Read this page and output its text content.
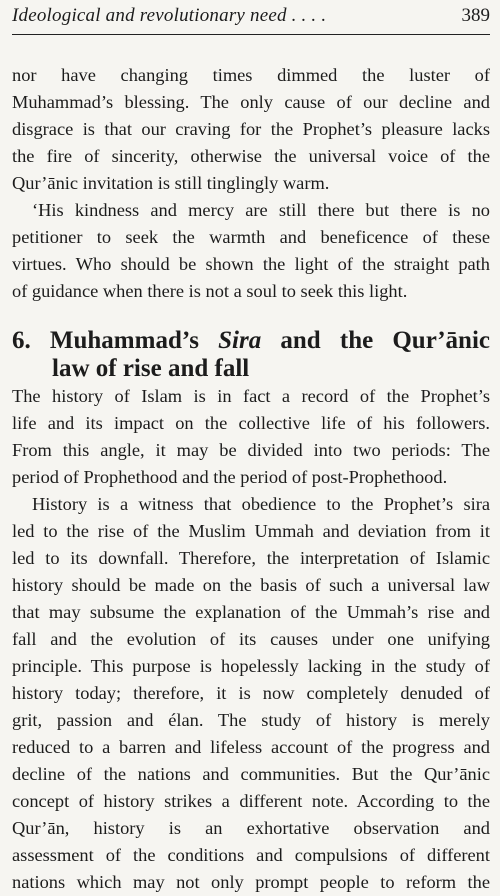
Ideological and revolutionary need . . . .	389
nor have changing times dimmed the luster of
Muhammad’s blessing. The only cause of our decline and
disgrace is that our craving for the Prophet’s pleasure lacks
the fire of sincerity, otherwise the universal voice of the
Qur’ānic invitation is still tinglingly warm.
‘His kindness and mercy are still there but there is no
petitioner to seek the warmth and beneficence of these
virtues. Who should be shown the light of the straight path
of guidance when there is not a soul to seek this light.
6. Muhammad’s Sira and the Qur’ānic
law of rise and fall
The history of Islam is in fact a record of the Prophet’s
life and its impact on the collective life of his followers.
From this angle, it may be divided into two periods: The
period of Prophethood and the period of post-Prophethood.
History is a witness that obedience to the Prophet’s sira
led to the rise of the Muslim Ummah and deviation from it
led to its downfall. Therefore, the interpretation of Islamic
history should be made on the basis of such a universal law
that may subsume the explanation of the Ummah’s rise and
fall and the evolution of its causes under one unifying
principle. This purpose is hopelessly lacking in the study of
history today; therefore, it is now completely denuded of
grit, passion and élan. The study of history is merely
reduced to a barren and lifeless account of the progress and
decline of the nations and communities. But the Qur’ānic
concept of history strikes a different note. According to the
Qur’ān, history is an exhortative observation and
assessment of the conditions and compulsions of different
nations which may not only prompt people to reform the
